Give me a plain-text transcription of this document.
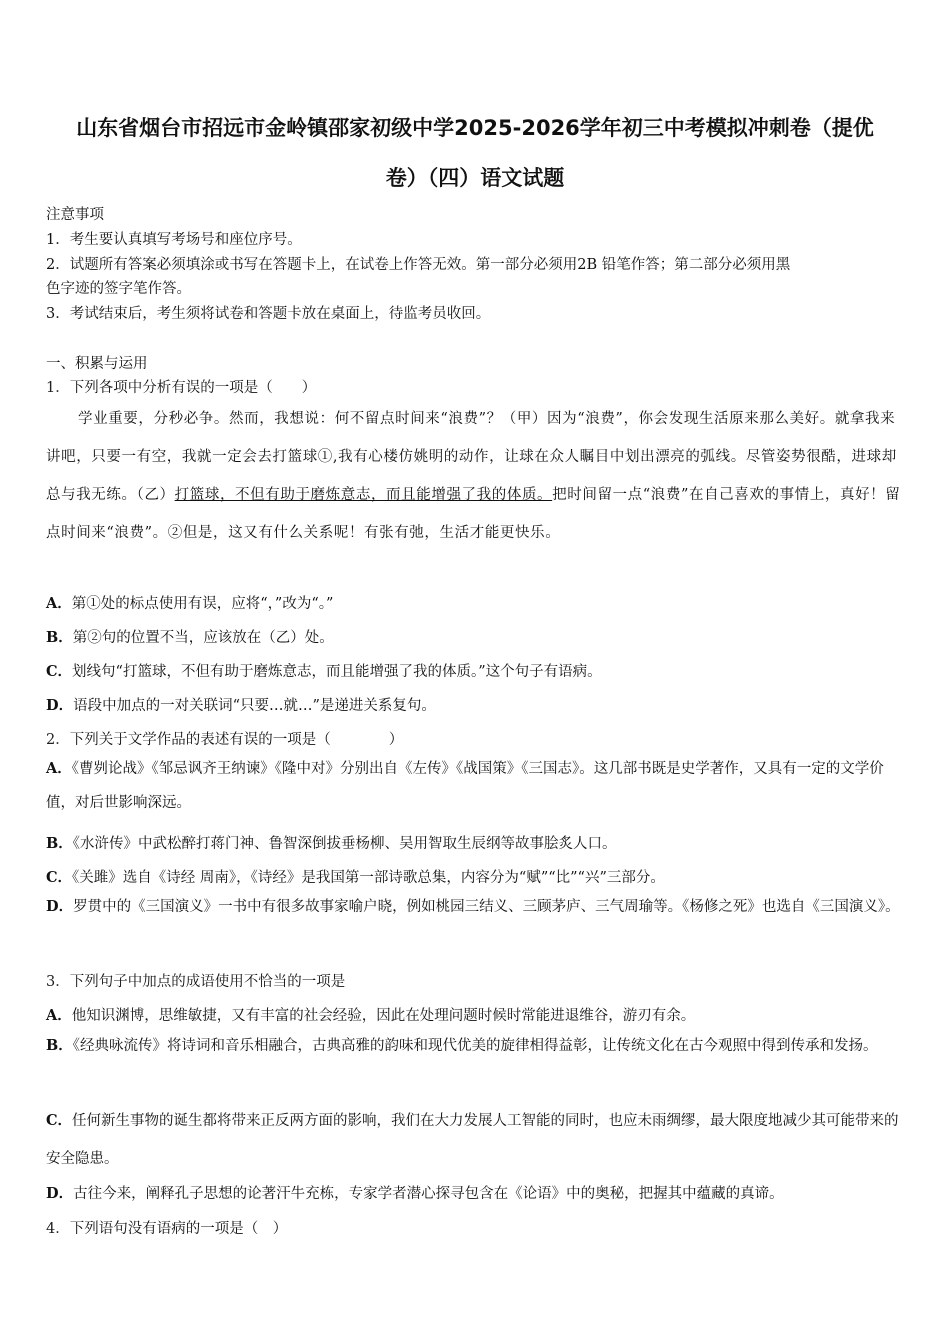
山东省烟台市招远市金岭镇邵家初级中学2025-2026学年初三中考模拟冲刺卷（提优
卷）（四）语文试题
注意事项
1．考生要认真填写考场号和座位序号。
2．试题所有答案必须填涂或书写在答题卡上，在试卷上作答无效。第一部分必须用2B 铅笔作答；第二部分必须用黑
色字迹的签字笔作答。
3．考试结束后，考生须将试卷和答题卡放在桌面上，待监考员收回。
一、积累与运用
1．下列各项中分析有误的一项是（　　）
学业重要，分秒必争。然而，我想说：何不留点时间来“浪费”？（甲）因为“浪费”，你会发现生活原来那么美好。就拿我来讲吧，只要一有空，我就一定会去打篮球①,我有心楼仿姚明的动作，让球在众人瞩目中划出漂亮的弧线。尽管姿势很酷，进球却总与我无练。（乙）打篮球，不但有助于磨炼意志，而且能增强了我的体质。把时间留一点“浪费”在自己喜欢的事情上，真好！留点时间来“浪费”。②但是，这又有什么关系呢！有张有弛，生活才能更快乐。
A．第①处的标点使用有误，应将“，”改为“。”
B．第②句的位置不当，应该放在（乙）处。
C．划线句“打篮球，不但有助于磨炼意志，而且能增强了我的体质。”这个句子有语病。
D．语段中加点的一对关联词“只要…就…”是递进关系复句。
2．下列关于文学作品的表述有误的一项是（　　　　）
A．《曹刿论战》《邹忌讽齐王纳谏》《隆中对》分别出自《左传》《战国策》《三国志》。这几部书既是史学著作，又具有一定的文学价值，对后世影响深远。
B．《水浒传》中武松醉打蒋门神、鲁智深倒拔垂杨柳、吴用智取生辰纲等故事脍炙人口。
C．《关雎》选自《诗经 周南》，《诗经》是我国第一部诗歌总集，内容分为“赋”“比”“兴”三部分。
D．罗贯中的《三国演义》一书中有很多故事家喻户晓，例如桃园三结义、三顾茅庐、三气周瑜等。《杨修之死》也选自《三国演义》。
3．下列句子中加点的成语使用不恰当的一项是
A．他知识渊博，思维敏捷，又有丰富的社会经验，因此在处理问题时候时常能进退维谷，游刃有余。
B．《经典咏流传》将诗词和音乐相融合，古典高雅的韵味和现代优美的旋律相得益彰，让传统文化在古今观照中得到传承和发扬。
C．任何新生事物的诞生都将带来正反两方面的影响，我们在大力发展人工智能的同时，也应未雨绸缪，最大限度地减少其可能带来的安全隐患。
D．古往今来，阐释孔子思想的论著汗牛充栋，专家学者潜心探寻包含在《论语》中的奥秘，把握其中蕴藏的真谛。
4．下列语句没有语病的一项是（　）
